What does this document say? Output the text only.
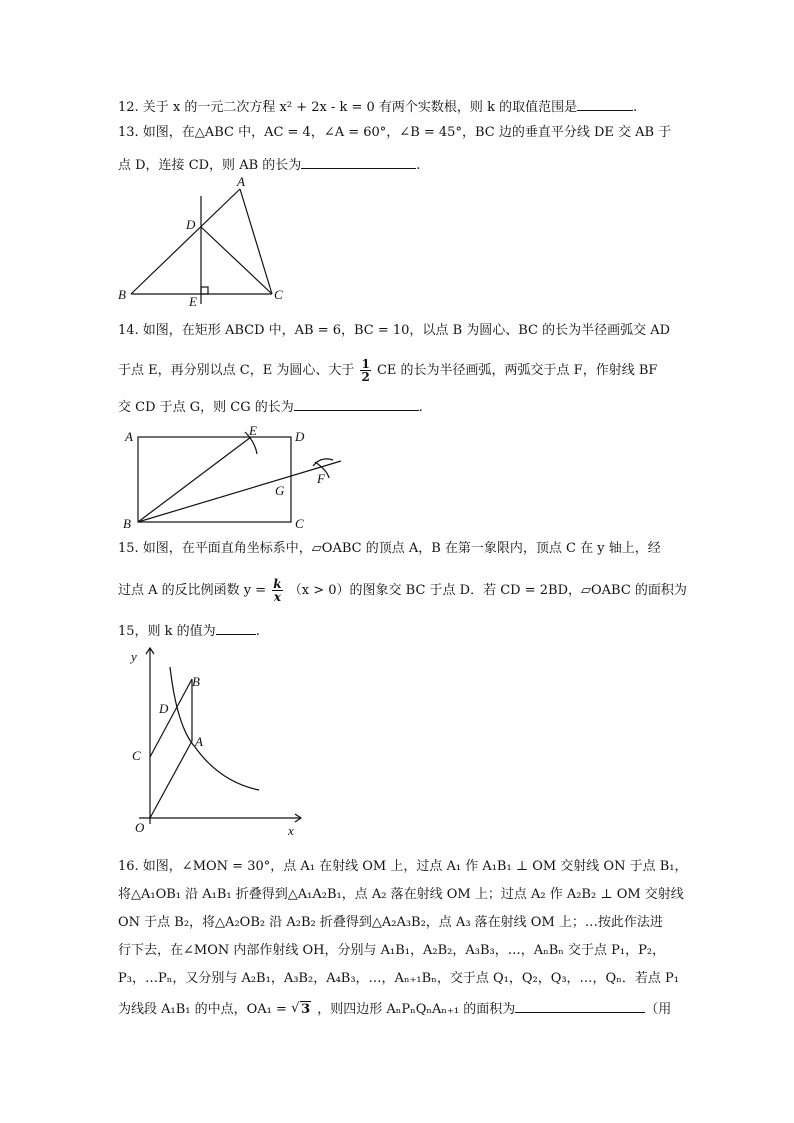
12. 关于 x 的一元二次方程 x² + 2x - k = 0 有两个实数根，则 k 的取值范围是	.
13. 如图，在△ABC 中，AC = 4，∠A = 60°，∠B = 45°，BC 边的垂直平分线 DE 交 AB 于
点 D，连接 CD，则 AB 的长为	.
A
D
B	C
E
14. 如图，在矩形 ABCD 中，AB = 6，BC = 10，以点 B 为圆心、BC 的长为半径画弧交 AD
于点 E，再分别以点 C，E 为圆心、大于 $\frac{1}{2}$ CE 的长为半径画弧，两弧交于点 F，作射线 BF
交 CD 于点 G，则 CG 的长为	.
A	E	D
F
G
B	C
15. 如图，在平面直角坐标系中，▱OABC 的顶点 A，B 在第一象限内，顶点 C 在 y 轴上，经
过点 A 的反比例函数 $y = \frac{k}{x} (x > 0)$的图象交 BC 于点 D．若 CD = 2BD，▱OABC 的面积为
15，则 k 的值为	.
y
x
O
C
D
B
A
16. 如图，∠MON = 30°，点 A₁ 在射线 OM 上，过点 A₁ 作 A₁B₁ ⊥ OM 交射线 ON 于点 B₁，
将△A₁OB₁ 沿 A₁B₁ 折叠得到△A₁A₂B₁，点 A₂ 落在射线 OM 上；过点 A₂ 作 A₂B₂ ⊥ OM 交射线
ON 于点 B₂，将△A₂OB₂ 沿 A₂B₂ 折叠得到△A₂A₃B₂，点 A₃ 落在射线 OM 上；…按此作法进
行下去，在∠MON 内部作射线 OH，分别与 A₁B₁，A₂B₂，A₃B₃，…，AₙBₙ 交于点 P₁，P₂，
P₃，…Pₙ，又分别与 A₂B₁，A₃B₂，A₄B₃，…，Aₙ₊₁Bₙ，交于点 Q₁，Q₂，Q₃，…，Qₙ．若点 P₁
为线段 A₁B₁ 的中点，OA₁ = √ 3 ，则四边形 AₙPₙQₙAₙ₊₁ 的面积为	（用
